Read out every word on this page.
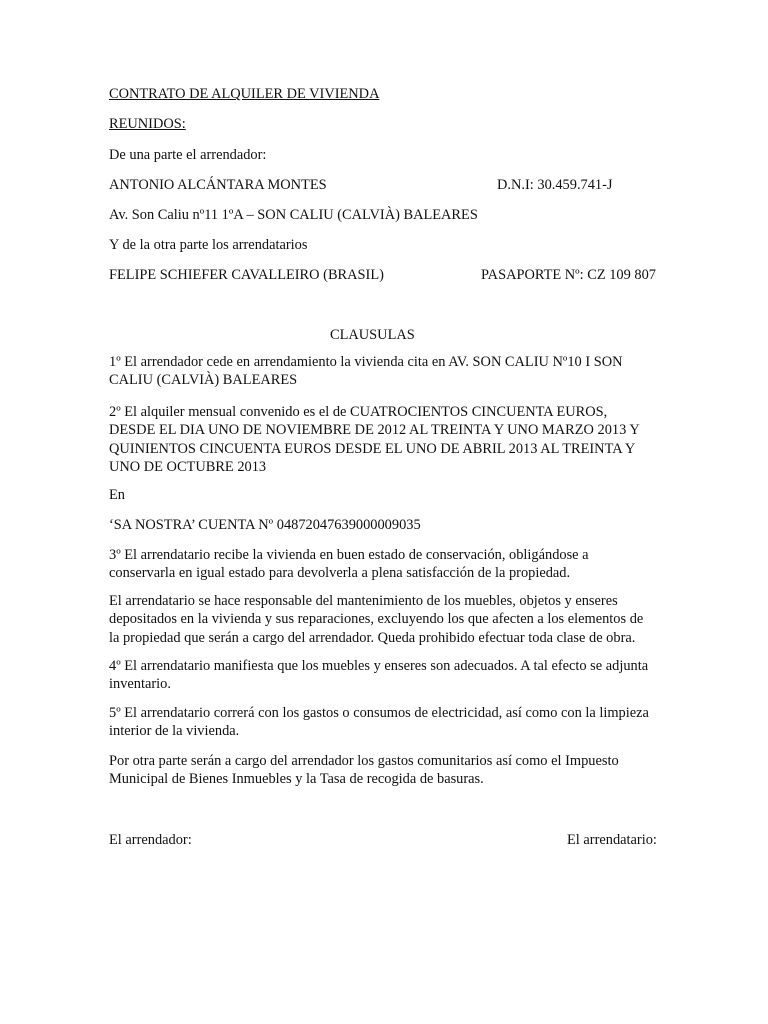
CONTRATO DE ALQUILER DE VIVIENDA
REUNIDOS:
De una parte el arrendador:
ANTONIO ALCÁNTARA MONTES	D.N.I: 30.459.741-J
Av. Son Caliu nº11 1ºA – SON CALIU (CALVIÀ) BALEARES
Y de la otra parte los arrendatarios
FELIPE SCHIEFER CAVALLEIRO (BRASIL)	PASAPORTE Nº: CZ 109 807
CLAUSULAS
1º El arrendador cede en arrendamiento la vivienda cita en AV. SON CALIU Nº10 I SON CALIU (CALVIÀ) BALEARES
2º El alquiler mensual convenido es el de CUATROCIENTOS CINCUENTA EUROS, DESDE EL DIA UNO DE NOVIEMBRE DE 2012 AL TREINTA Y UNO MARZO 2013 Y QUINIENTOS CINCUENTA EUROS DESDE EL UNO DE ABRIL 2013 AL TREINTA Y UNO DE OCTUBRE 2013
En
‘SA NOSTRA’ CUENTA Nº 04872047639000009035
3º El arrendatario recibe la vivienda en buen estado de conservación, obligándose a conservarla en igual estado para devolverla a plena satisfacción de la propiedad.
El arrendatario se hace responsable del mantenimiento de los muebles, objetos y enseres depositados en la vivienda y sus reparaciones, excluyendo los que afecten a los elementos de la propiedad que serán a cargo del arrendador. Queda prohibido efectuar toda clase de obra.
4º El arrendatario manifiesta que los muebles y enseres son adecuados. A tal efecto se adjunta inventario.
5º El arrendatario correrá con los gastos o consumos de electricidad, así como con la limpieza interior de la vivienda.
Por otra parte serán a cargo del arrendador los gastos comunitarios así como el Impuesto Municipal de Bienes Inmuebles y la Tasa de recogida de basuras.
El arrendador:	El arrendatario:
